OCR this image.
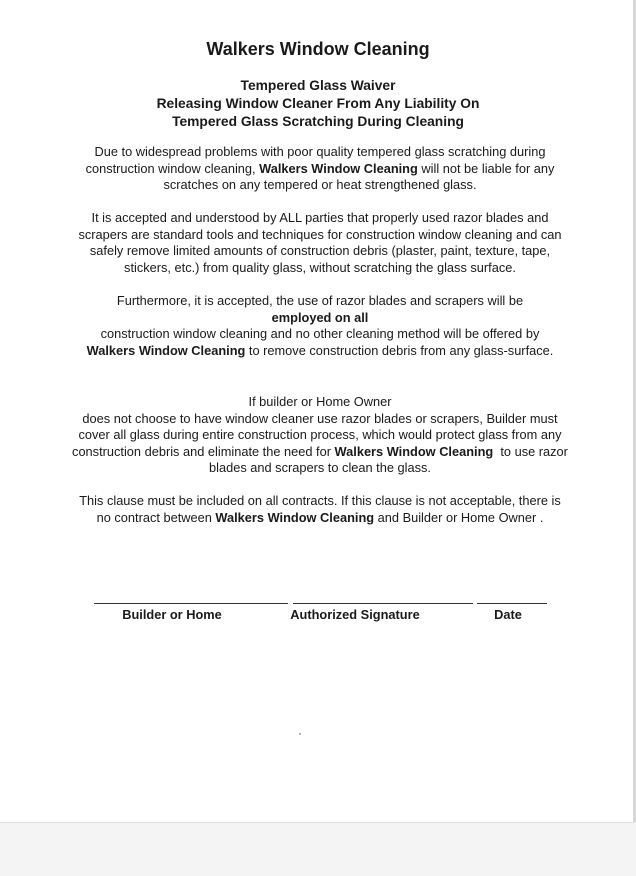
Walkers Window Cleaning
Tempered Glass Waiver
Releasing Window Cleaner From Any Liability On
Tempered Glass Scratching During Cleaning

Due to widespread problems with poor quality tempered glass scratching during construction window cleaning, Walkers Window Cleaning will not be liable for any scratches on any tempered or heat strengthened glass.

It is accepted and understood by ALL parties that properly used razor blades and scrapers are standard tools and techniques for construction window cleaning and can safely remove limited amounts of construction debris (plaster, paint, texture, tape, stickers, etc.) from quality glass, without scratching the glass surface.

Furthermore, it is accepted, the use of razor blades and scrapers will be
employed on all
construction window cleaning and no other cleaning method will be offered by
Walkers Window Cleaning to remove construction debris from any glass-surface.

If builder or Home Owner
does not choose to have window cleaner use razor blades or scrapers, Builder must cover all glass during entire construction process, which would protect glass from any construction debris and eliminate the need for Walkers Window Cleaning to use razor blades and scrapers to clean the glass.

This clause must be included on all contracts. If this clause is not acceptable, there is no contract between Walkers Window Cleaning and Builder or Home Owner .

Builder or Home	Authorized Signature	Date
